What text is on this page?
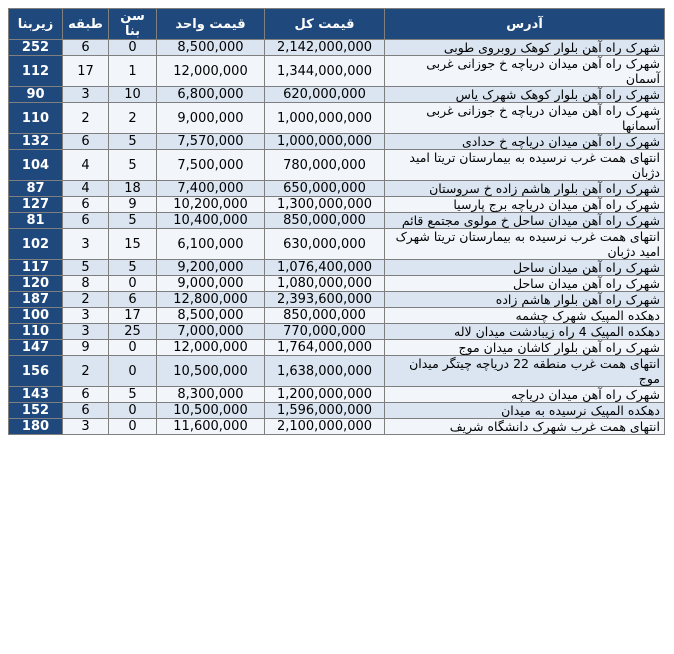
آدرس	قیمت کل	قیمت واحد	سن بنا	طبقه	زیربنا
شهرک راه آهن بلوار کوهک روبروی طوبی	2,142,000,000	8,500,000	0	6	252
شهرک راه آهن میدان دریاچه خ جوزانی غربی آسمان	1,344,000,000	12,000,000	1	17	112
شهرک راه آهن بلوار کوهک شهرک یاس	620,000,000	6,800,000	10	3	90
شهرک راه آهن میدان دریاچه خ جوزانی غربی آسمانها	1,000,000,000	9,000,000	2	2	110
شهرک راه آهن میدان دریاچه خ حدادی	1,000,000,000	7,570,000	5	6	132
انتهای همت غرب نرسیده به بیمارستان تریتا امید دژبان	780,000,000	7,500,000	5	4	104
شهرک راه آهن بلوار هاشم زاده خ سروستان	650,000,000	7,400,000	18	4	87
شهرک راه آهن میدان دریاچه برج پارسیا	1,300,000,000	10,200,000	9	6	127
شهرک راه آهن میدان ساحل خ مولوی مجتمع قائم	850,000,000	10,400,000	5	6	81
انتهای همت غرب نرسیده به بیمارستان تریتا شهرک امید دژبان	630,000,000	6,100,000	15	3	102
شهرک راه آهن میدان ساحل	1,076,400,000	9,200,000	5	5	117
شهرک راه آهن میدان ساحل	1,080,000,000	9,000,000	0	8	120
شهرک راه آهن بلوار هاشم زاده	2,393,600,000	12,800,000	6	2	187
دهکده المپیک شهرک چشمه	850,000,000	8,500,000	17	3	100
دهکده المپیک 4 راه زیبادشت میدان لاله	770,000,000	7,000,000	25	3	110
شهرک راه آهن بلوار کاشان میدان موج	1,764,000,000	12,000,000	0	9	147
انتهای همت غرب منطقه 22 دریاچه چیتگر میدان موج	1,638,000,000	10,500,000	0	2	156
شهرک راه آهن میدان دریاچه	1,200,000,000	8,300,000	5	6	143
دهکده المپیک نرسیده به میدان	1,596,000,000	10,500,000	0	6	152
انتهای همت غرب شهرک دانشگاه شریف	2,100,000,000	11,600,000	0	3	180
